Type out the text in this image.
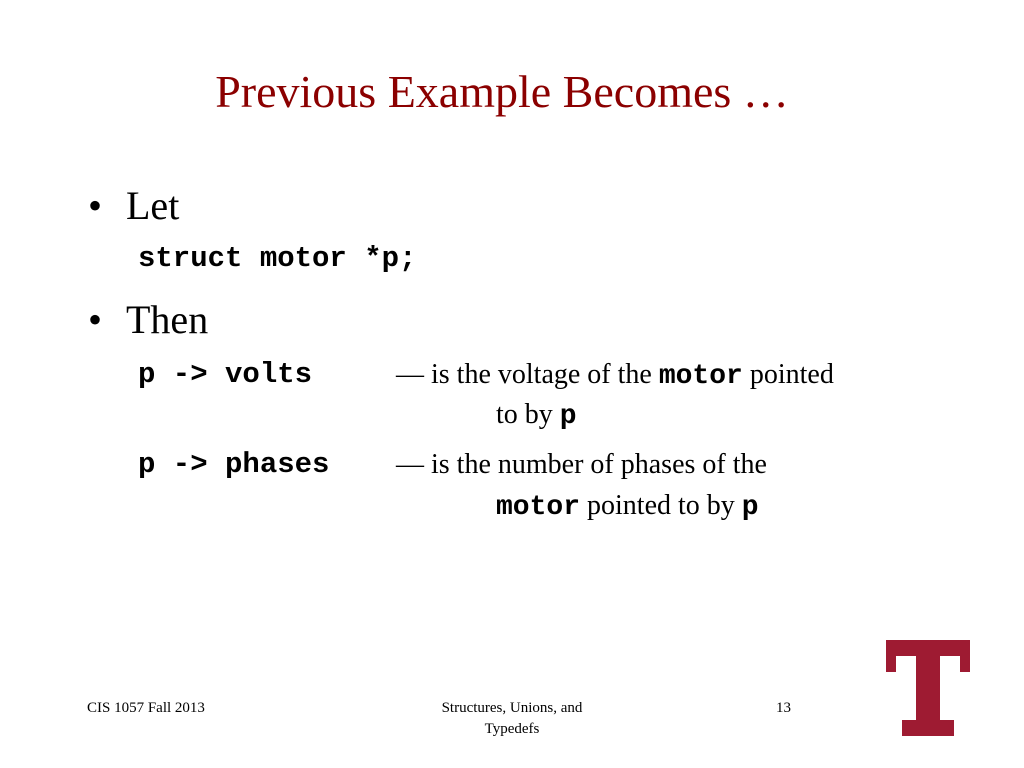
Previous Example Becomes …
• Let
struct motor *p;
• Then
p -> volts	— is the voltage of the motor pointed
to by p
p -> phases — is the number of phases of the
motor pointed to by p
CIS 1057 Fall 2013	Structures, Unions, and
Typedefs
13
